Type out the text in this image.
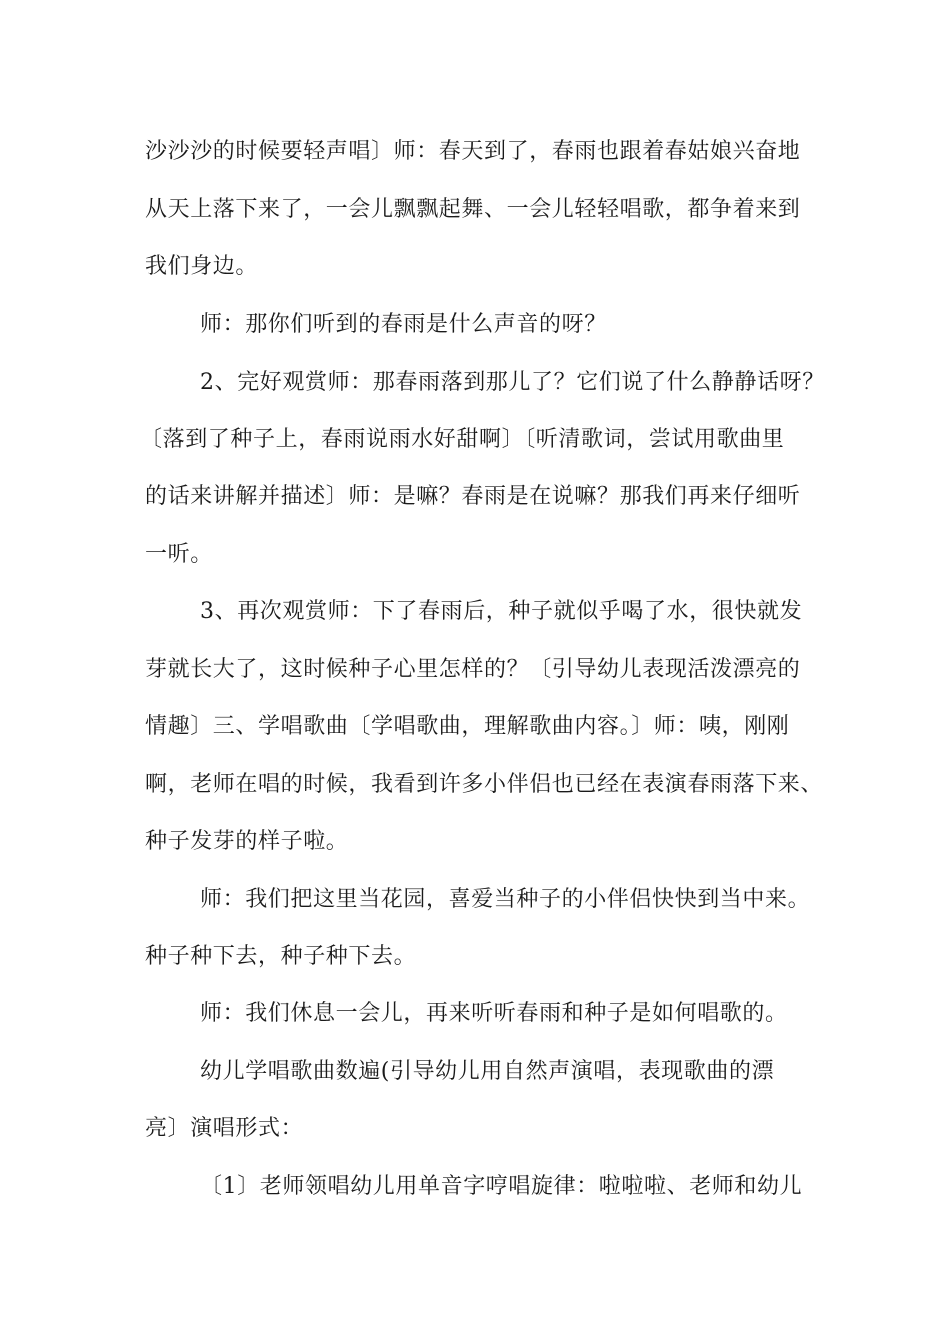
沙沙沙的时候要轻声唱〕师：春天到了，春雨也跟着春姑娘兴奋地
从天上落下来了，一会儿飘飘起舞、一会儿轻轻唱歌，都争着来到
我们身边。
师：那你们听到的春雨是什么声音的呀？
2、完好观赏师：那春雨落到那儿了？它们说了什么静静话呀？
〔落到了种子上，春雨说雨水好甜啊〕〔听清歌词，尝试用歌曲里
的话来讲解并描述〕师：是嘛？春雨是在说嘛？那我们再来仔细听
一听。
3、再次观赏师：下了春雨后，种子就似乎喝了水，很快就发
芽就长大了，这时候种子心里怎样的？〔引导幼儿表现活泼漂亮的
情趣〕三、学唱歌曲〔学唱歌曲，理解歌曲内容。〕师：咦，刚刚
啊，老师在唱的时候，我看到许多小伴侣也已经在表演春雨落下来、
种子发芽的样子啦。
师：我们把这里当花园，喜爱当种子的小伴侣快快到当中来。
种子种下去，种子种下去。
师：我们休息一会儿，再来听听春雨和种子是如何唱歌的。
幼儿学唱歌曲数遍(引导幼儿用自然声演唱，表现歌曲的漂
亮〕演唱形式：
〔1〕老师领唱幼儿用单音字哼唱旋律：啦啦啦、老师和幼儿
